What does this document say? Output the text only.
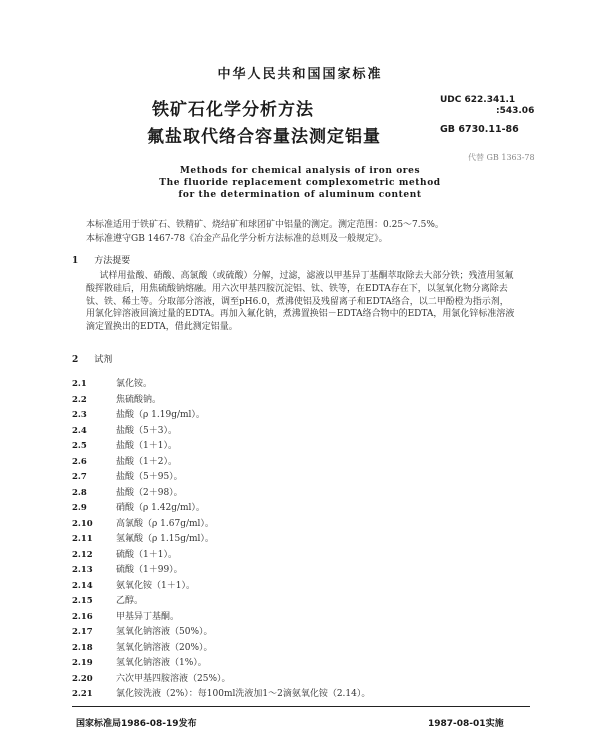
中华人民共和国国家标准
铁矿石化学分析方法
氟盐取代络合容量法测定铝量
UDC 622.341.1
:543.06
GB 6730.11-86
代替 GB 1363-78
Methods for chemical analysis of iron ores
The fluoride replacement complexometric method
for the determination of aluminum content
本标准适用于铁矿石、铁精矿、烧结矿和球团矿中铝量的测定。测定范围：0.25～7.5%。
本标准遵守GB 1467-78《冶金产品化学分析方法标准的总则及一般规定》。
1 方法提要
试样用盐酸、硝酸、高氯酸（或硫酸）分解，过滤，滤液以甲基异丁基酮萃取除去大部分铁；残渣用氢氟酸挥散硅后，用焦硫酸钠熔融。用六次甲基四胺沉淀铝、钛、铁等，在EDTA存在下，以氢氧化物分离除去钛、铁、稀土等。分取部分溶液，调至pH6.0，煮沸使铝及残留离子和EDTA络合，以二甲酚橙为指示剂，用氯化锌溶液回滴过量的EDTA。再加入氟化钠，煮沸置换铝－EDTA络合物中的EDTA，用氯化锌标准溶液滴定置换出的EDTA，借此测定铝量。
2 试剂
2.1	氯化铵。
2.2	焦硫酸钠。
2.3	盐酸（ρ 1.19g/ml）。
2.4	盐酸（5＋3）。
2.5	盐酸（1＋1）。
2.6	盐酸（1＋2）。
2.7	盐酸（5＋95）。
2.8	盐酸（2＋98）。
2.9	硝酸（ρ 1.42g/ml）。
2.10	高氯酸（ρ 1.67g/ml）。
2.11	氢氟酸（ρ 1.15g/ml）。
2.12	硫酸（1＋1）。
2.13	硫酸（1＋99）。
2.14	氨氧化铵（1＋1）。
2.15	乙醇。
2.16	甲基异丁基酮。
2.17	氢氧化钠溶液（50%）。
2.18	氢氧化钠溶液（20%）。
2.19	氢氧化钠溶液（1%）。
2.20	六次甲基四胺溶液（25%）。
2.21	氯化铵洗液（2%）：每100ml洗液加1～2滴氨氧化铵（2.14）。
国家标准局1986-08-19发布	1987-08-01实施
